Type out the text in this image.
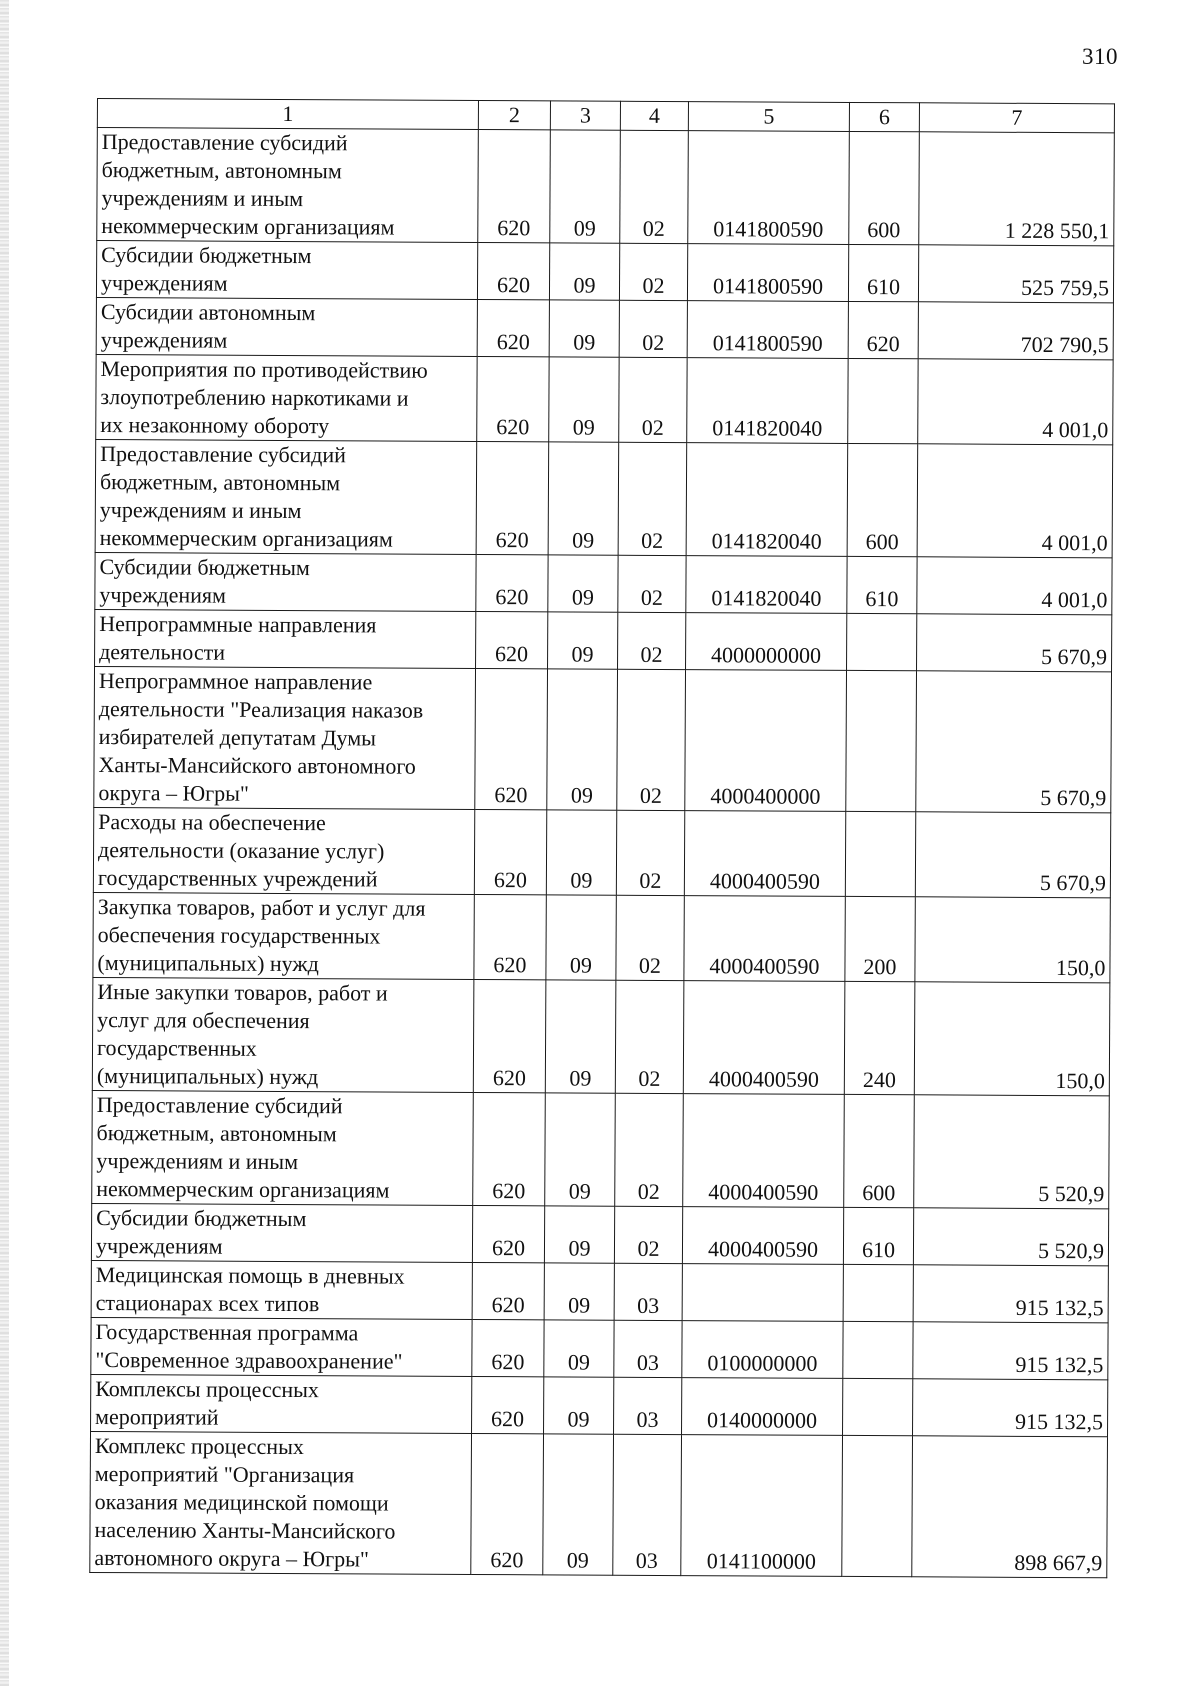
310
1	2	3	4	5	6	7
Предоставление субсидий
бюджетным, автономным
учреждениям и иным
некоммерческим организациям	620	09	02	0141800590	600	1 228 550,1
Субсидии бюджетным
учреждениям	620	09	02	0141800590	610	525 759,5
Субсидии автономным
учреждениям	620	09	02	0141800590	620	702 790,5
Мероприятия по противодействию
злоупотреблению наркотиками и
их незаконному обороту	620	09	02	0141820040		4 001,0
Предоставление субсидий
бюджетным, автономным
учреждениям и иным
некоммерческим организациям	620	09	02	0141820040	600	4 001,0
Субсидии бюджетным
учреждениям	620	09	02	0141820040	610	4 001,0
Непрограммные направления
деятельности	620	09	02	4000000000		5 670,9
Непрограммное направление
деятельности "Реализация наказов
избирателей депутатам Думы
Ханты-Мансийского автономного
округа – Югры"	620	09	02	4000400000		5 670,9
Расходы на обеспечение
деятельности (оказание услуг)
государственных учреждений	620	09	02	4000400590		5 670,9
Закупка товаров, работ и услуг для
обеспечения государственных
(муниципальных) нужд	620	09	02	4000400590	200	150,0
Иные закупки товаров, работ и
услуг для обеспечения
государственных
(муниципальных) нужд	620	09	02	4000400590	240	150,0
Предоставление субсидий
бюджетным, автономным
учреждениям и иным
некоммерческим организациям	620	09	02	4000400590	600	5 520,9
Субсидии бюджетным
учреждениям	620	09	02	4000400590	610	5 520,9
Медицинская помощь в дневных
стационарах всех типов	620	09	03			915 132,5
Государственная программа
"Современное здравоохранение"	620	09	03	0100000000		915 132,5
Комплексы процессных
мероприятий	620	09	03	0140000000		915 132,5
Комплекс процессных
мероприятий "Организация
оказания медицинской помощи
населению Ханты-Мансийского
автономного округа – Югры"	620	09	03	0141100000		898 667,9
